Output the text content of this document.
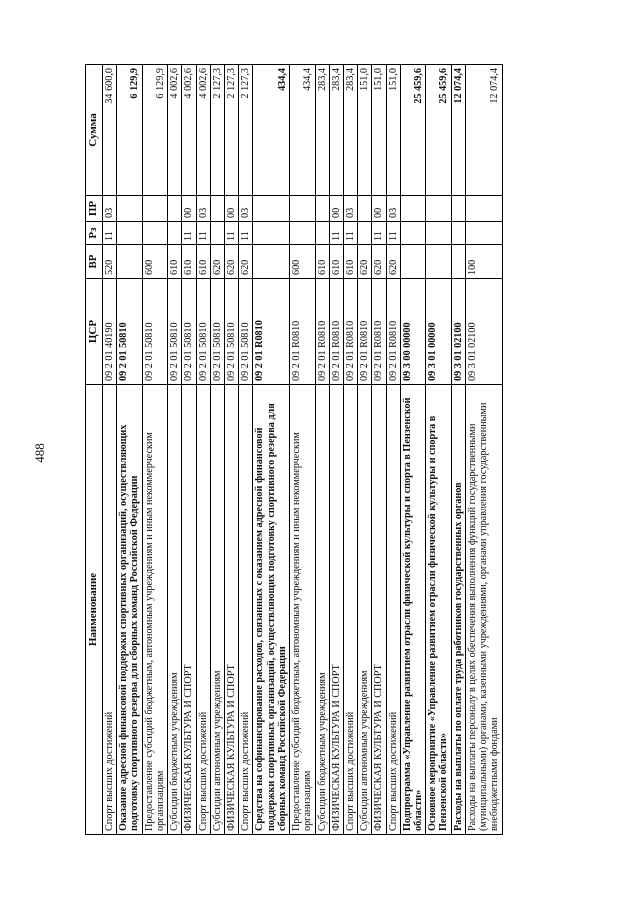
488
Наименование	ЦСР	ВР	Рз	ПР	Сумма
Спорт высших достижений	09 2 01 40190	520	11	03	34 600,0
Оказание адресной финансовой поддержки спортивных организаций, осуществляющих подготовку спортивного резерва для сборных команд Российской Федерации	09 2 01 50810				6 129,9
Предоставление субсидий бюджетным, автономным учреждениям и иным некоммерческим организациям	09 2 01 50810	600			6 129,9
Субсидии бюджетным учреждениям	09 2 01 50810	610			4 002,6
ФИЗИЧЕСКАЯ КУЛЬТУРА И СПОРТ	09 2 01 50810	610	11	00	4 002,6
Спорт высших достижений	09 2 01 50810	610	11	03	4 002,6
Субсидии автономным учреждениям	09 2 01 50810	620			2 127,3
ФИЗИЧЕСКАЯ КУЛЬТУРА И СПОРТ	09 2 01 50810	620	11	00	2 127,3
Спорт высших достижений	09 2 01 50810	620	11	03	2 127,3
Средства на софинансирование расходов, связанных с оказанием адресной финансовой поддержки спортивных организаций, осуществляющих подготовку спортивного резерва для сборных команд Российской Федерации	09 2 01 R0810				434,4
Предоставление субсидий бюджетным, автономным учреждениям и иным некоммерческим организациям	09 2 01 R0810	600			434,4
Субсидии бюджетным учреждениям	09 2 01 R0810	610			283,4
ФИЗИЧЕСКАЯ КУЛЬТУРА И СПОРТ	09 2 01 R0810	610	11	00	283,4
Спорт высших достижений	09 2 01 R0810	610	11	03	283,4
Субсидии автономным учреждениям	09 2 01 R0810	620			151,0
ФИЗИЧЕСКАЯ КУЛЬТУРА И СПОРТ	09 2 01 R0810	620	11	00	151,0
Спорт высших достижений	09 2 01 R0810	620	11	03	151,0
Подпрограмма «Управление развитием отрасли физической культуры и спорта в Пензенской области»	09 3 00 00000				25 459,6
Основное мероприятие «Управление развитием отрасли физической культуры и спорта в Пензенской области»	09 3 01 00000				25 459,6
Расходы на выплаты по оплате труда работников государственных органов	09 3 01 02100				12 074,4
Расходы на выплаты персоналу в целях обеспечения выполнения функций государственными (муниципальными) органами, казенными учреждениями, органами управления государственными внебюджетными фондами	09 3 01 02100	100			12 074,4
